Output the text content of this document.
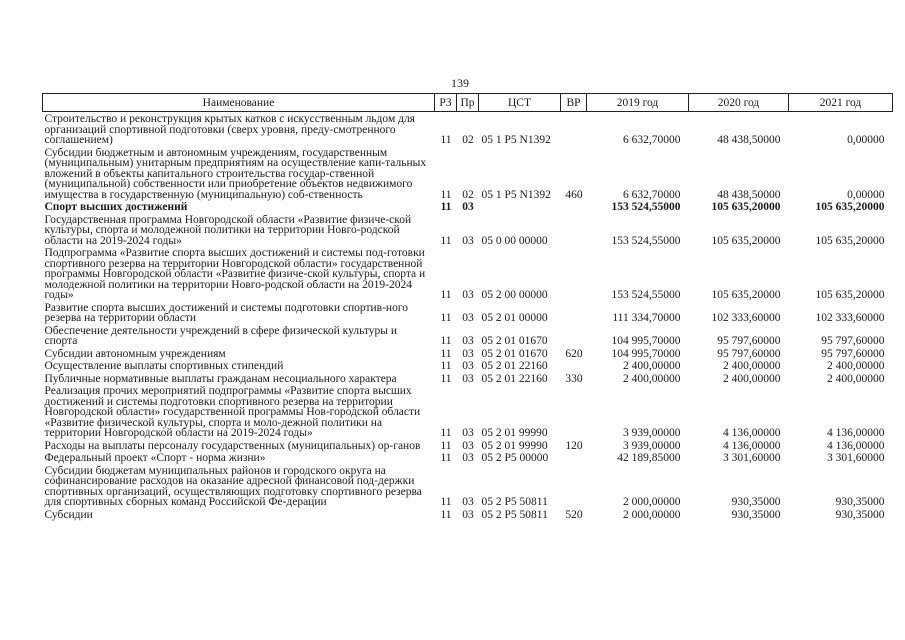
139
Наименование	РЗ	Пр	ЦСТ	ВР	2019 год	2020 год	2021 год
Строительство и реконструкция крытых катков с искусственным льдом для организаций спортивной подготовки (сверх уровня, преду-смотренного соглашением)	11	02	05 1 P5 N1392		6 632,70000	48 438,50000	0,00000
Субсидии бюджетным и автономным учреждениям, государственным (муниципальным) унитарным предприятиям на осуществление капи-тальных вложений в объекты капитального строительства государ-ственной (муниципальной) собственности или приобретение объектов недвижимого имущества в государственную (муниципальную) соб-ственность	11	02	05 1 P5 N1392	460	6 632,70000	48 438,50000	0,00000
Спорт высших достижений	11	03			153 524,55000	105 635,20000	105 635,20000
Государственная программа Новгородской области «Развитие физиче-ской культуры, спорта и молодежной политики на территории Новго-родской области на 2019-2024 годы»	11	03	05 0 00 00000		153 524,55000	105 635,20000	105 635,20000
Подпрограмма «Развитие спорта высших достижений и системы под-готовки спортивного резерва на территории Новгородской области» государственной программы Новгородской области «Развитие физиче-ской культуры, спорта и молодежной политики на территории Новго-родской области на 2019-2024 годы»	11	03	05 2 00 00000		153 524,55000	105 635,20000	105 635,20000
Развитие спорта высших достижений и системы подготовки спортив-ного резерва на территории области	11	03	05 2 01 00000		111 334,70000	102 333,60000	102 333,60000
Обеспечение деятельности учреждений в сфере физической культуры и спорта	11	03	05 2 01 01670		104 995,70000	95 797,60000	95 797,60000
Субсидии автономным учреждениям	11	03	05 2 01 01670	620	104 995,70000	95 797,60000	95 797,60000
Осуществление выплаты спортивных стипендий	11	03	05 2 01 22160		2 400,00000	2 400,00000	2 400,00000
Публичные нормативные выплаты гражданам несоциального характера	11	03	05 2 01 22160	330	2 400,00000	2 400,00000	2 400,00000
Реализация прочих мероприятий подпрограммы «Развитие спорта высших достижений и системы подготовки спортивного резерва на территории Новгородской области» государственной программы Нов-городской области «Развитие физической культуры, спорта и моло-дежной политики на территории Новгородской области на 2019-2024 годы»	11	03	05 2 01 99990		3 939,00000	4 136,00000	4 136,00000
Расходы на выплаты персоналу государственных (муниципальных) ор-ганов	11	03	05 2 01 99990	120	3 939,00000	4 136,00000	4 136,00000
Федеральный проект «Спорт - норма жизни»	11	03	05 2 P5 00000		42 189,85000	3 301,60000	3 301,60000
Субсидии бюджетам муниципальных районов и городского округа на софинансирование расходов на оказание адресной финансовой под-держки спортивных организаций, осуществляющих подготовку спортивного резерва для спортивных сборных команд Российской Фе-дерации	11	03	05 2 P5 50811		2 000,00000	930,35000	930,35000
Субсидии	11	03	05 2 P5 50811	520	2 000,00000	930,35000	930,35000
